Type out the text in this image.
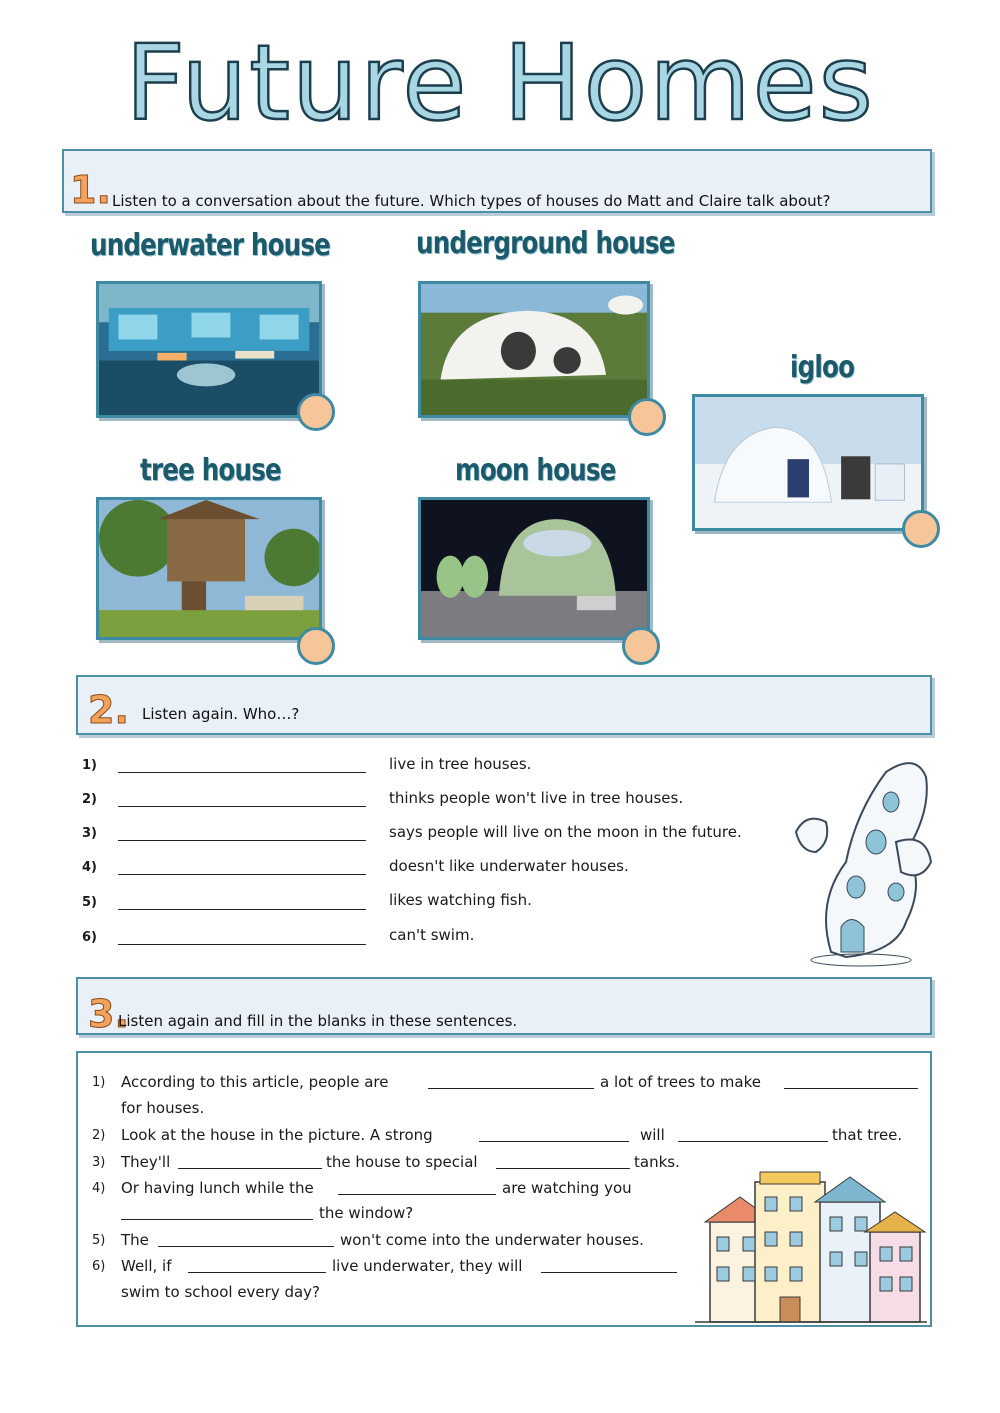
Future Homes
1. Listen to a conversation about the future. Which types of houses do Matt and Claire talk about?
underwater house	underground house
igloo
tree house	moon house
2. Listen again. Who…?
1)	live in tree houses.
2)	thinks people won't live in tree houses.
3)	says people will live on the moon in the future.
4)	doesn't like underwater houses.
5)	likes watching fish.
6)	can't swim.
3.
Listen again and fill in the blanks in these sentences.
1) According to this article, people are	a lot of trees to make
for houses.
2) Look at the house in the picture. A strong	will	that tree.
3) They'll	the house to special	tanks.
4) Or having lunch while the	are watching you
the window?
5) The	won't come into the underwater houses.
6) Well, if	live underwater, they will
swim to school every day?
